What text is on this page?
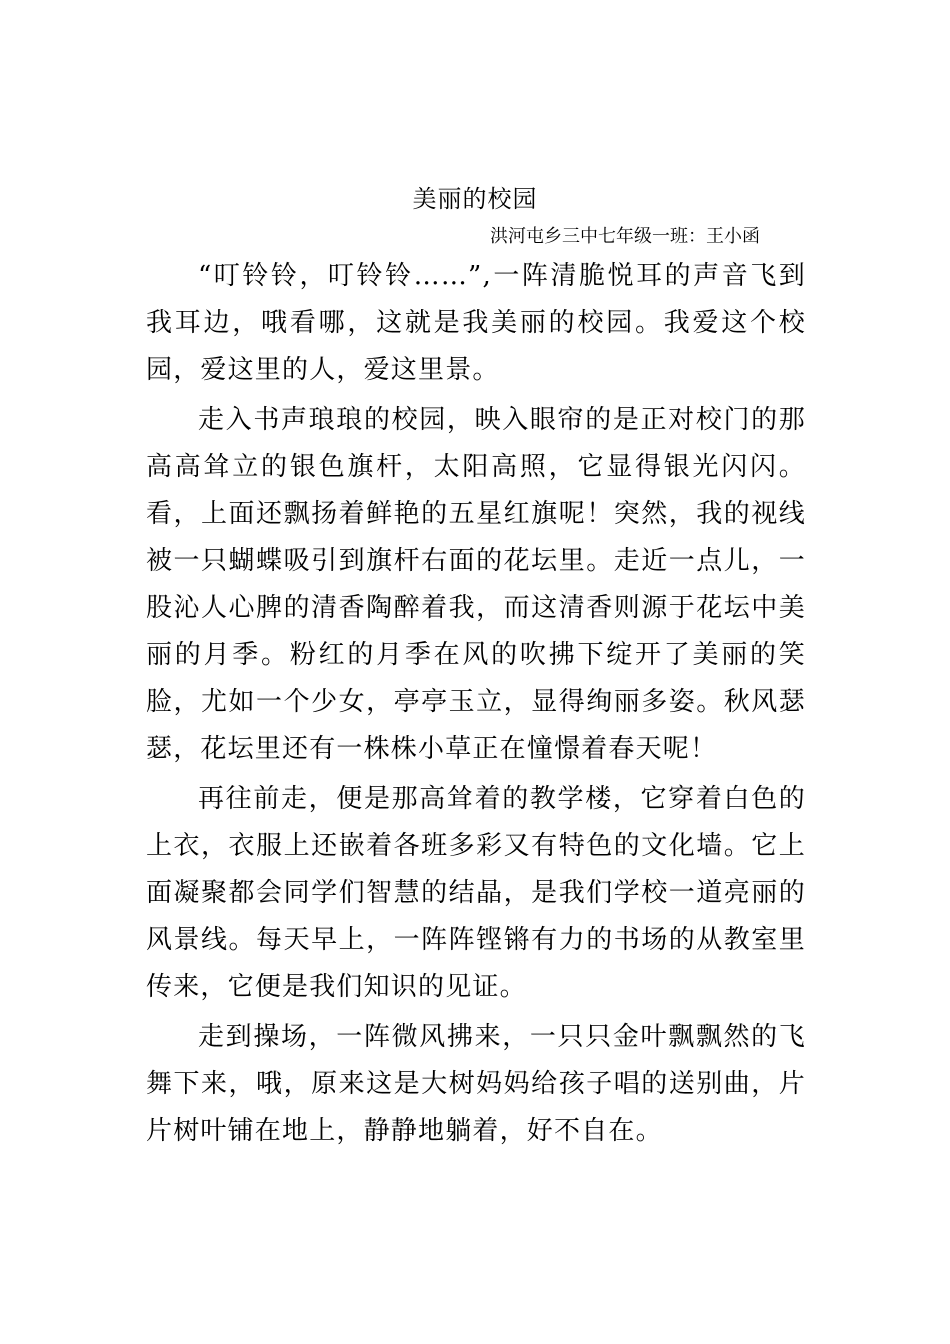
美丽的校园
洪河屯乡三中七年级一班：王小函

“叮铃铃，叮铃铃……”,一阵清脆悦耳的声音飞到我耳边，哦看哪，这就是我美丽的校园。我爱这个校园，爱这里的人，爱这里景。

走入书声琅琅的校园，映入眼帘的是正对校门的那高高耸立的银色旗杆，太阳高照，它显得银光闪闪。看，上面还飘扬着鲜艳的五星红旗呢！突然，我的视线被一只蝴蝶吸引到旗杆右面的花坛里。走近一点儿，一股沁人心脾的清香陶醉着我，而这清香则源于花坛中美丽的月季。粉红的月季在风的吹拂下绽开了美丽的笑脸，尤如一个少女，亭亭玉立，显得绚丽多姿。秋风瑟瑟，花坛里还有一株株小草正在憧憬着春天呢！

再往前走，便是那高耸着的教学楼，它穿着白色的上衣，衣服上还嵌着各班多彩又有特色的文化墙。它上面凝聚都会同学们智慧的结晶，是我们学校一道亮丽的风景线。每天早上，一阵阵铿锵有力的书场的从教室里传来，它便是我们知识的见证。

走到操场，一阵微风拂来，一只只金叶飘飘然的飞舞下来，哦，原来这是大树妈妈给孩子唱的送别曲，片片树叶铺在地上，静静地躺着，好不自在。
